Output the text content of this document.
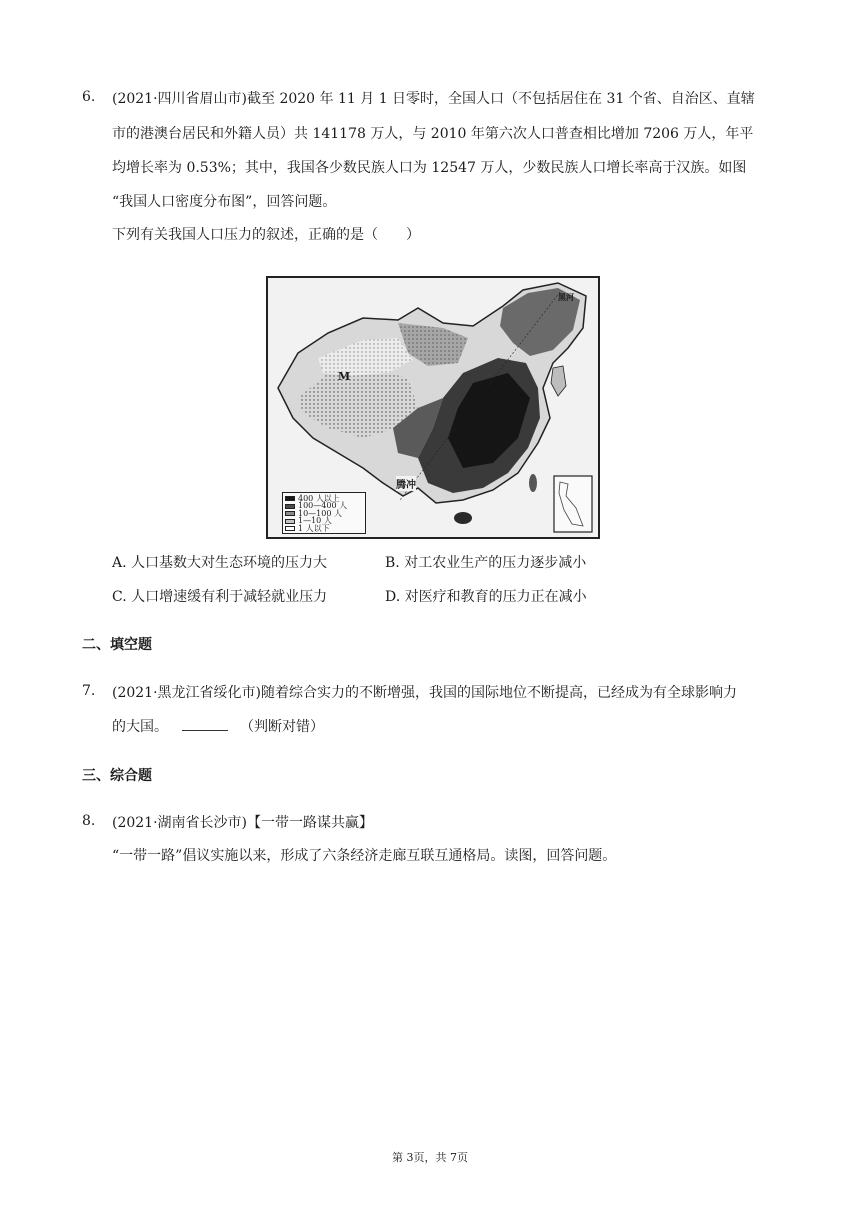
6. (2021·四川省眉山市)截至 2020 年 11 月 1 日零时，全国人口（不包括居住在 31 个省、自治区、直辖
市的港澳台居民和外籍人员）共 141178 万人，与 2010 年第六次人口普查相比增加 7206 万人，年平
均增长率为 0.53%；其中，我国各少数民族人口为 12547 万人，少数民族人口增长率高于汉族。如图
“我国人口密度分布图”，回答问题。
下列有关我国人口压力的叙述，正确的是（　　）
M
腾冲
黑河
400 人以上
100—400 人
10—100 人
1—10 人
1 人以下
A. 人口基数大对生态环境的压力大	B. 对工农业生产的压力逐步减小
C. 人口增速缓有利于减轻就业压力	D. 对医疗和教育的压力正在减小
二、填空题
7. (2021·黑龙江省绥化市)随着综合实力的不断增强，我国的国际地位不断提高，已经成为有全球影响力
的大国。	（判断对错）
三、综合题
8. (2021·湖南省长沙市)【一带一路谋共赢】
“一带一路”倡议实施以来，形成了六条经济走廊互联互通格局。读图，回答问题。
第 3页，共 7页
